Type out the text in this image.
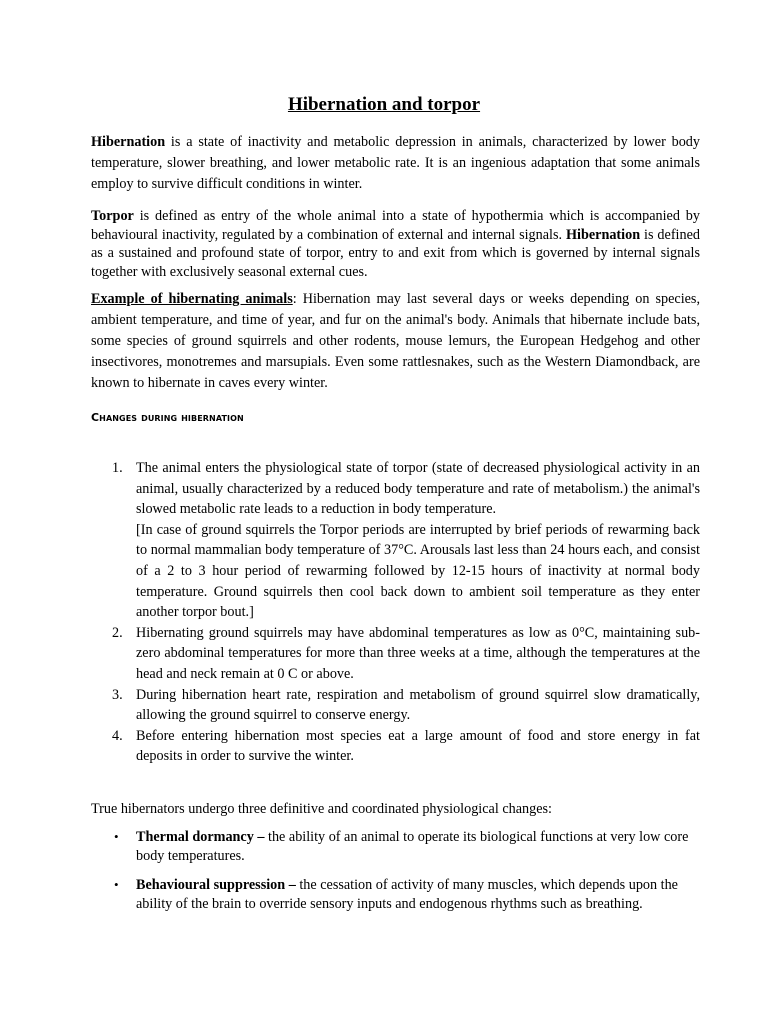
Hibernation and torpor

Hibernation is a state of inactivity and metabolic depression in animals, characterized by lower body temperature, slower breathing, and lower metabolic rate. It is an ingenious adaptation that some animals employ to survive difficult conditions in winter.

Torpor is defined as entry of the whole animal into a state of hypothermia which is accompanied by behavioural inactivity, regulated by a combination of external and internal signals. Hibernation is defined as a sustained and profound state of torpor, entry to and exit from which is governed by internal signals together with exclusively seasonal external cues.

Example of hibernating animals: Hibernation may last several days or weeks depending on species, ambient temperature, and time of year, and fur on the animal's body. Animals that hibernate include bats, some species of ground squirrels and other rodents, mouse lemurs, the European Hedgehog and other insectivores, monotremes and marsupials. Even some rattlesnakes, such as the Western Diamondback, are known to hibernate in caves every winter.

Changes during hibernation
1. The animal enters the physiological state of torpor (state of decreased physiological activity in an animal, usually characterized by a reduced body temperature and rate of metabolism.) the animal's slowed metabolic rate leads to a reduction in body temperature.
[In case of ground squirrels the Torpor periods are interrupted by brief periods of rewarming back to normal mammalian body temperature of 37°C. Arousals last less than 24 hours each, and consist of a 2 to 3 hour period of rewarming followed by 12-15 hours of inactivity at normal body temperature. Ground squirrels then cool back down to ambient soil temperature as they enter another torpor bout.]
2. Hibernating ground squirrels may have abdominal temperatures as low as 0°C, maintaining sub-zero abdominal temperatures for more than three weeks at a time, although the temperatures at the head and neck remain at 0 C or above.
3. During hibernation heart rate, respiration and metabolism of ground squirrel slow dramatically, allowing the ground squirrel to conserve energy.
4. Before entering hibernation most species eat a large amount of food and store energy in fat deposits in order to survive the winter.

True hibernators undergo three definitive and coordinated physiological changes:

• Thermal dormancy – the ability of an animal to operate its biological functions at very low core body temperatures.
• Behavioural suppression – the cessation of activity of many muscles, which depends upon the ability of the brain to override sensory inputs and endogenous rhythms such as breathing.
